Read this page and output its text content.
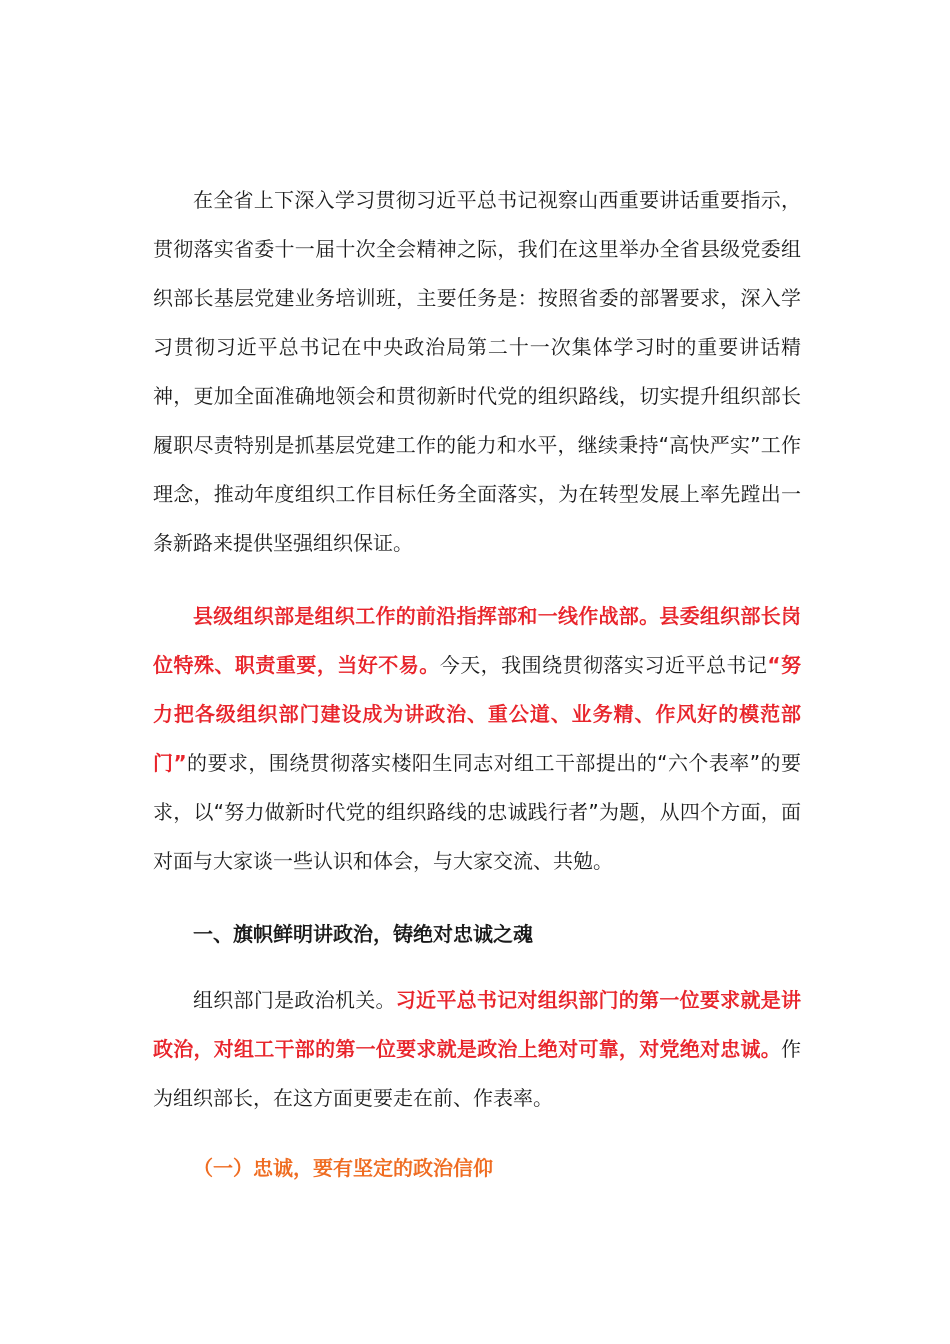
在全省上下深入学习贯彻习近平总书记视察山西重要讲话重要指示，贯彻落实省委十一届十次全会精神之际，我们在这里举办全省县级党委组织部长基层党建业务培训班，主要任务是：按照省委的部署要求，深入学习贯彻习近平总书记在中央政治局第二十一次集体学习时的重要讲话精神，更加全面准确地领会和贯彻新时代党的组织路线，切实提升组织部长履职尽责特别是抓基层党建工作的能力和水平，继续秉持“高快严实”工作理念，推动年度组织工作目标任务全面落实，为在转型发展上率先蹚出一条新路来提供坚强组织保证。

县级组织部是组织工作的前沿指挥部和一线作战部。县委组织部长岗位特殊、职责重要，当好不易。今天，我围绕贯彻落实习近平总书记“努力把各级组织部门建设成为讲政治、重公道、业务精、作风好的模范部门”的要求，围绕贯彻落实楼阳生同志对组工干部提出的“六个表率”的要求，以“努力做新时代党的组织路线的忠诚践行者”为题，从四个方面，面对面与大家谈一些认识和体会，与大家交流、共勉。

一、旗帜鲜明讲政治，铸绝对忠诚之魂

组织部门是政治机关。习近平总书记对组织部门的第一位要求就是讲政治，对组工干部的第一位要求就是政治上绝对可靠，对党绝对忠诚。作为组织部长，在这方面更要走在前、作表率。

（一）忠诚，要有坚定的政治信仰
